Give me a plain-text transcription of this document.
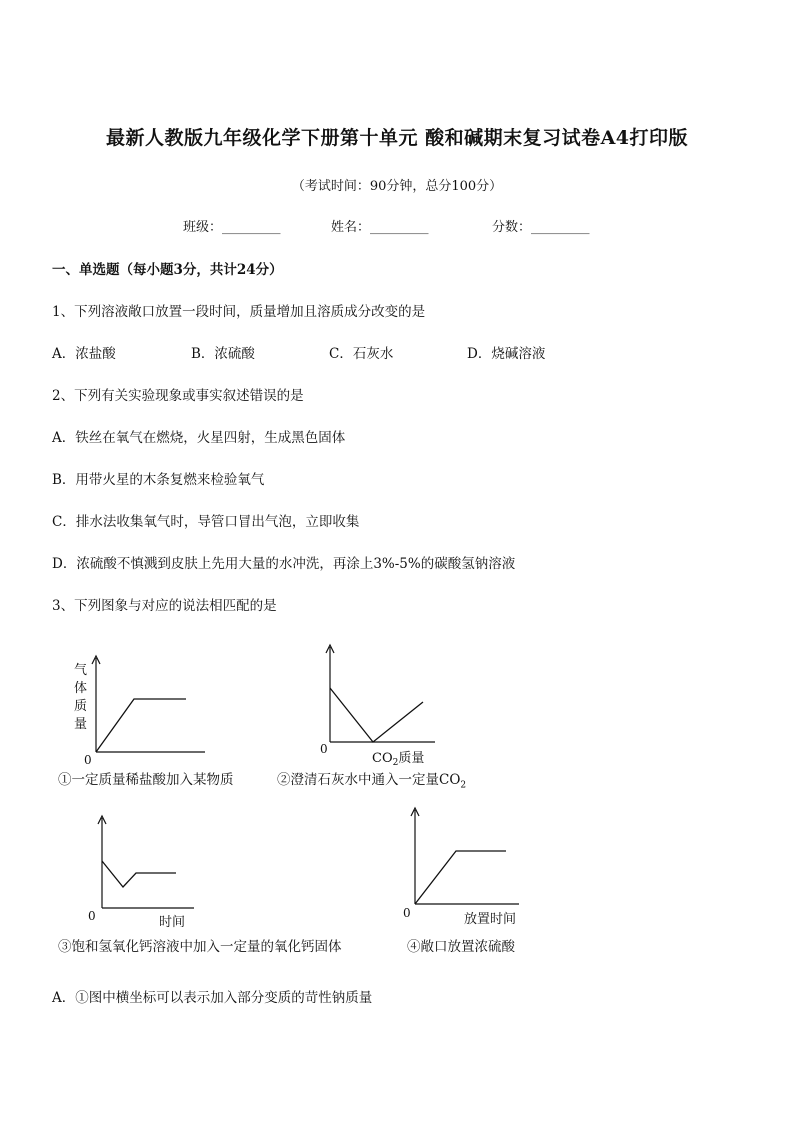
最新人教版九年级化学下册第十单元 酸和碱期末复习试卷A4打印版
（考试时间：90分钟，总分100分）
班级：_________	姓名：_________	分数：_________
一、单选题（每小题3分，共计24分）
1、下列溶液敞口放置一段时间，质量增加且溶质成分改变的是
A．浓盐酸	B．浓硫酸	C．石灰水	D．烧碱溶液
2、下列有关实验现象或事实叙述错误的是
A．铁丝在氧气在燃烧，火星四射，生成黑色固体
B．用带火星的木条复燃来检验氧气
C．排水法收集氧气时，导管口冒出气泡，立即收集
D．浓硫酸不慎溅到皮肤上先用大量的水冲洗，再涂上3%-5%的碳酸氢钠溶液
3、下列图象与对应的说法相匹配的是
气
体
质
量
0
①一定质量稀盐酸加入某物质
0
$CO_2$质量
②澄清石灰水中通入一定量$CO_2$
0	时间
③饱和氢氧化钙溶液中加入一定量的氧化钙固体
0	放置时间
④敞口放置浓硫酸
A．①图中横坐标可以表示加入部分变质的苛性钠质量
